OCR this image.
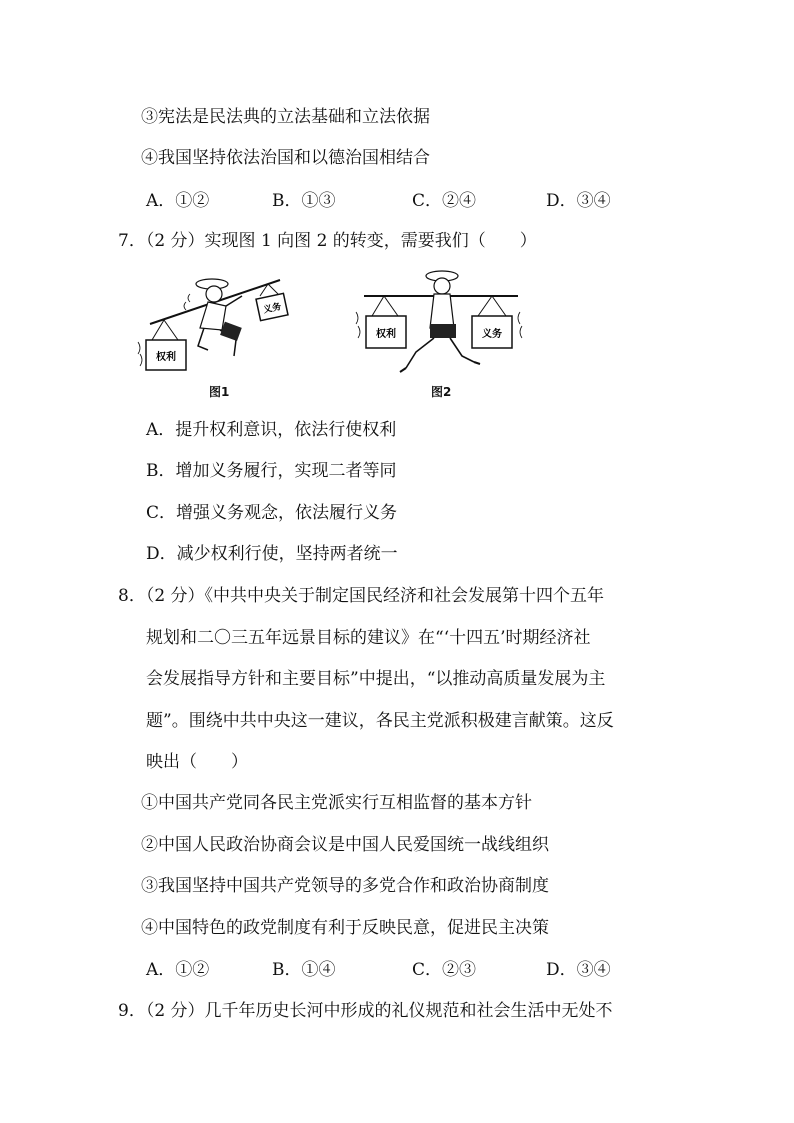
③宪法是民法典的立法基础和立法依据
④我国坚持依法治国和以德治国相结合
A．①②	B．①③	C．②④	D．③④
7．（2 分）实现图 1 向图 2 的转变，需要我们（　　）
权利
义务
图1
权利	义务
图2
A．提升权利意识，依法行使权利
B．增加义务履行，实现二者等同
C．增强义务观念，依法履行义务
D．减少权利行使，坚持两者统一
8．（2 分）《中共中央关于制定国民经济和社会发展第十四个五年
规划和二〇三五年远景目标的建议》在“‘十四五’时期经济社
会发展指导方针和主要目标”中提出，“以推动高质量发展为主
题”。围绕中共中央这一建议，各民主党派积极建言献策。这反
映出（　　）
①中国共产党同各民主党派实行互相监督的基本方针
②中国人民政治协商会议是中国人民爱国统一战线组织
③我国坚持中国共产党领导的多党合作和政治协商制度
④中国特色的政党制度有利于反映民意，促进民主决策
A．①②	B．①④	C．②③	D．③④
9．（2 分）几千年历史长河中形成的礼仪规范和社会生活中无处不
